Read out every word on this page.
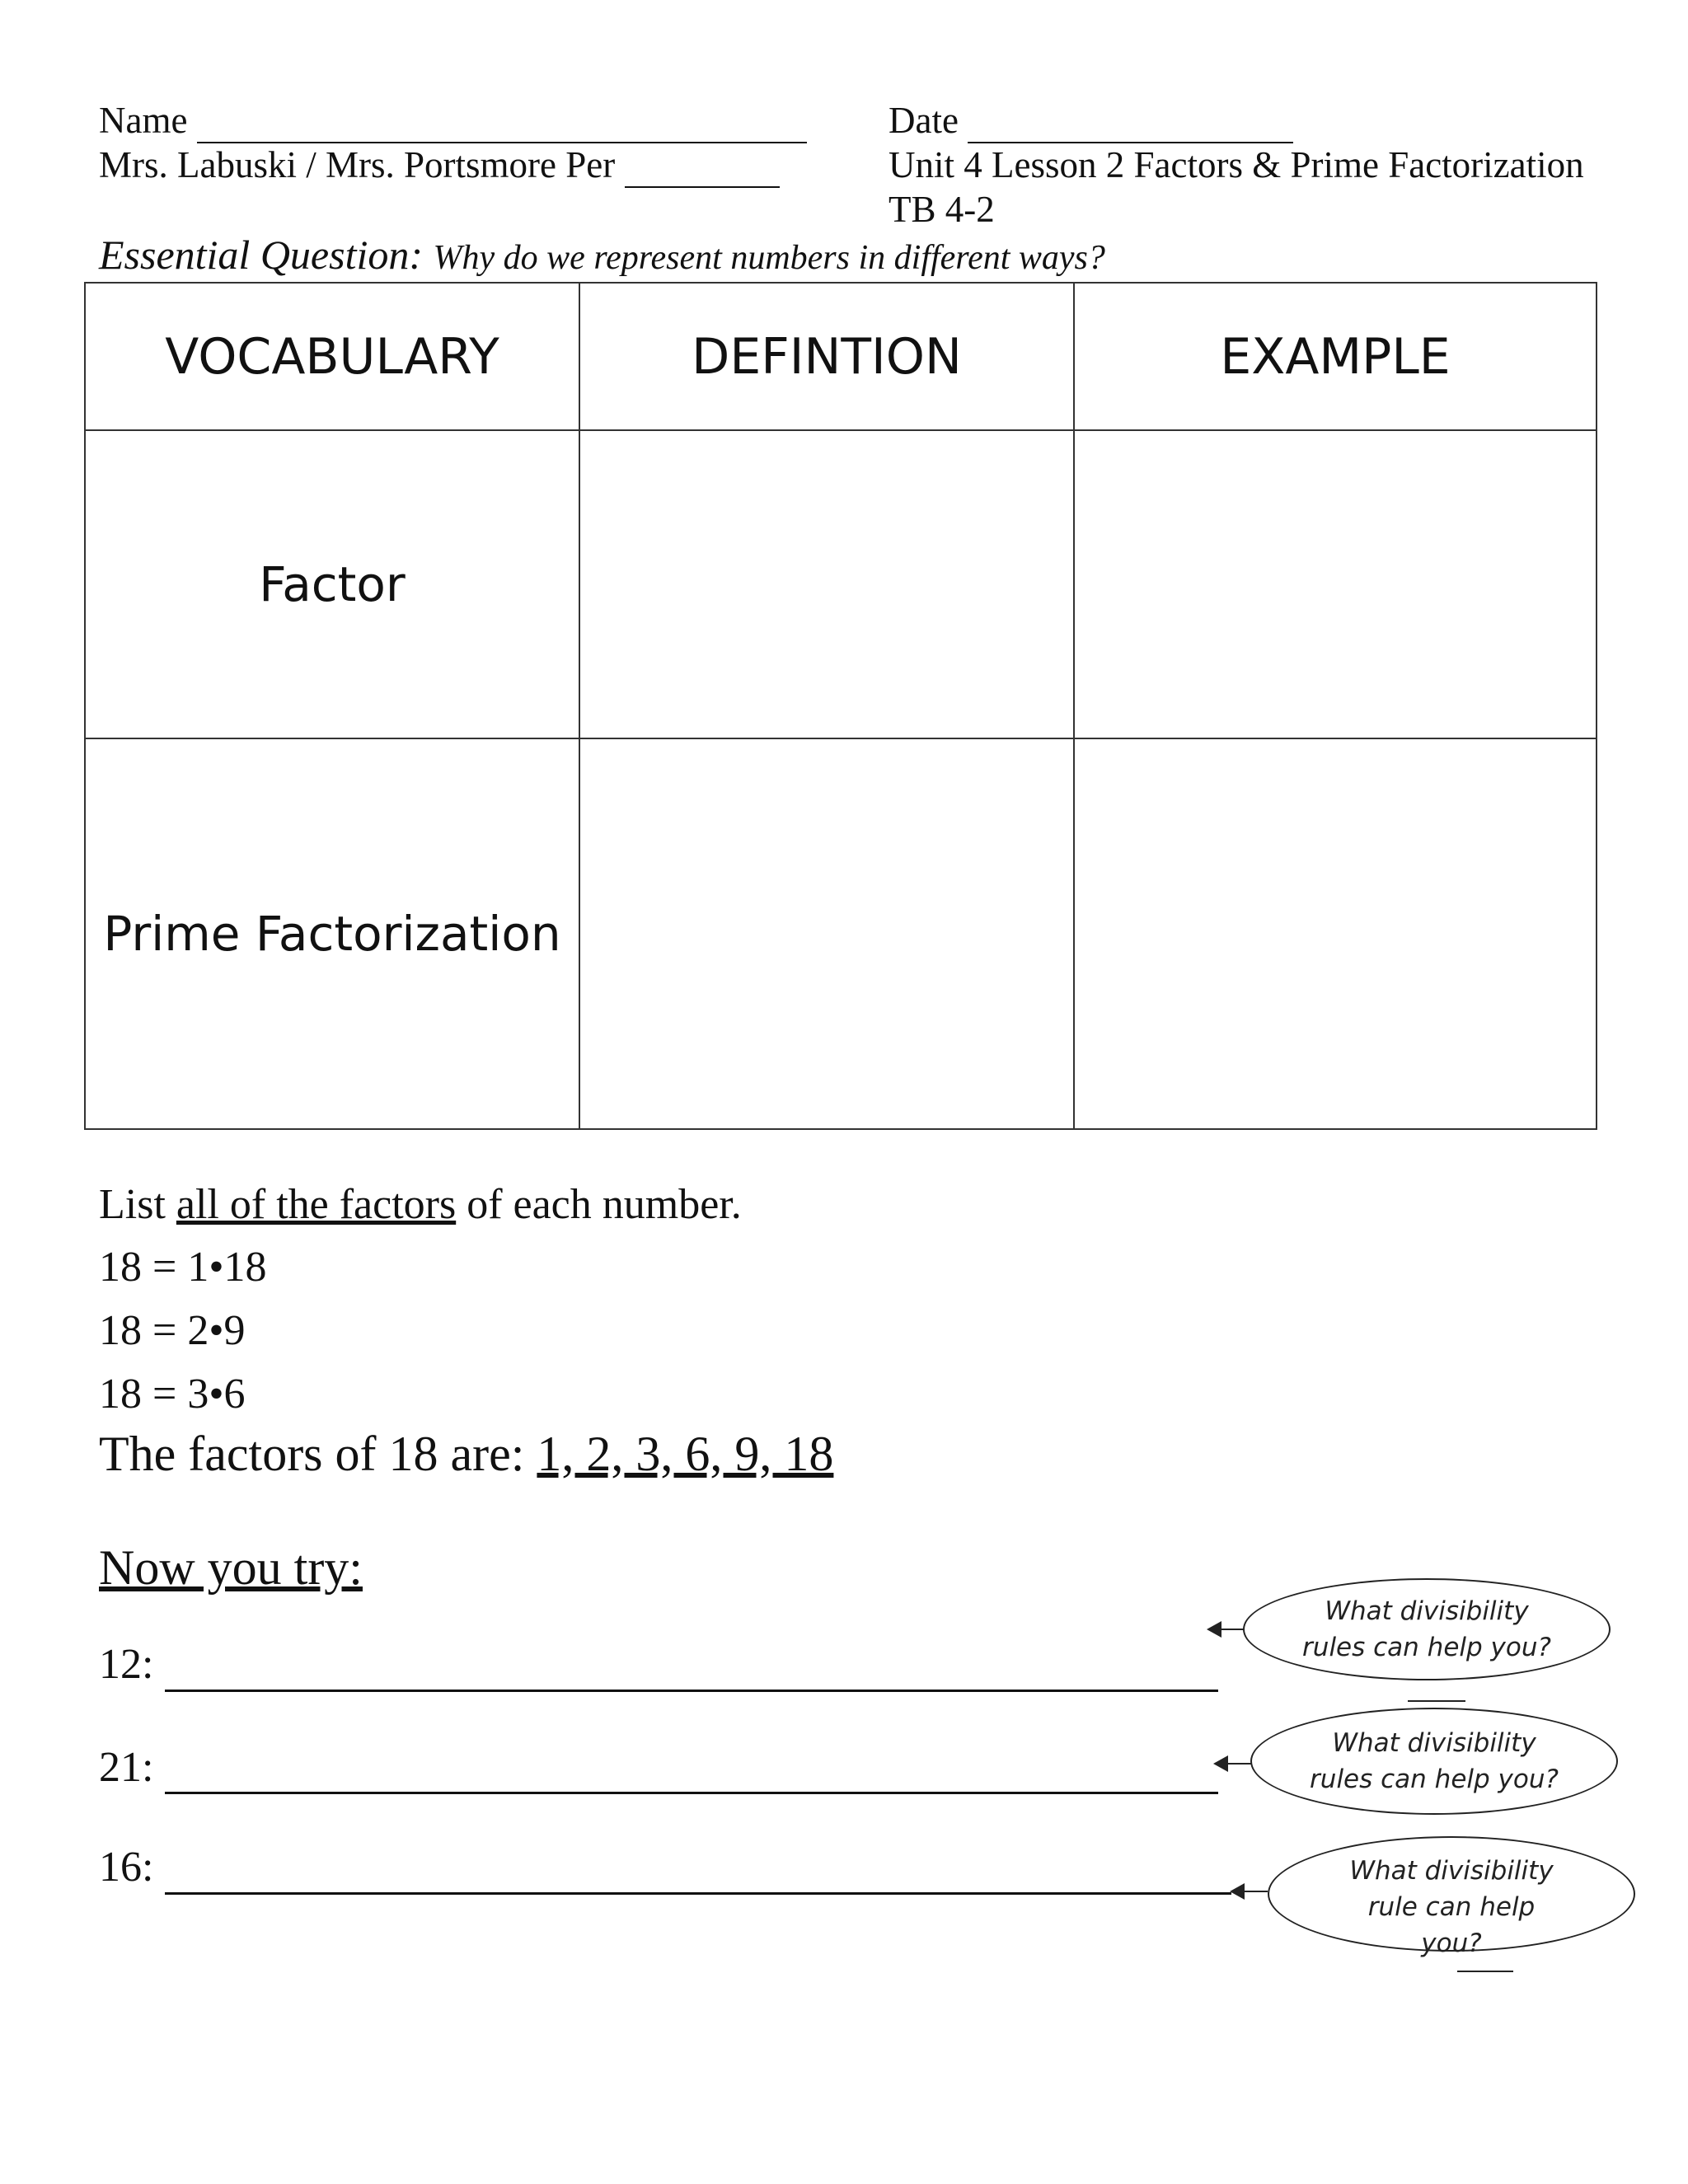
Name
Mrs. Labuski / Mrs. Portsmore Per
Date
Unit 4 Lesson 2 Factors & Prime Factorization
TB 4-2
Essential Question: Why do we represent numbers in different ways?
VOCABULARY	DEFINTION	EXAMPLE
Factor		
Prime Factorization		
List all of the factors of each number.
18 = 1•18
18 = 2•9
18 = 3•6
The factors of 18 are: 1, 2, 3, 6, 9, 18
Now you try:
12:
What divisibility
rules can help you?
21:
What divisibility
rules can help you?
16:	What divisibility
rule can help
you?
